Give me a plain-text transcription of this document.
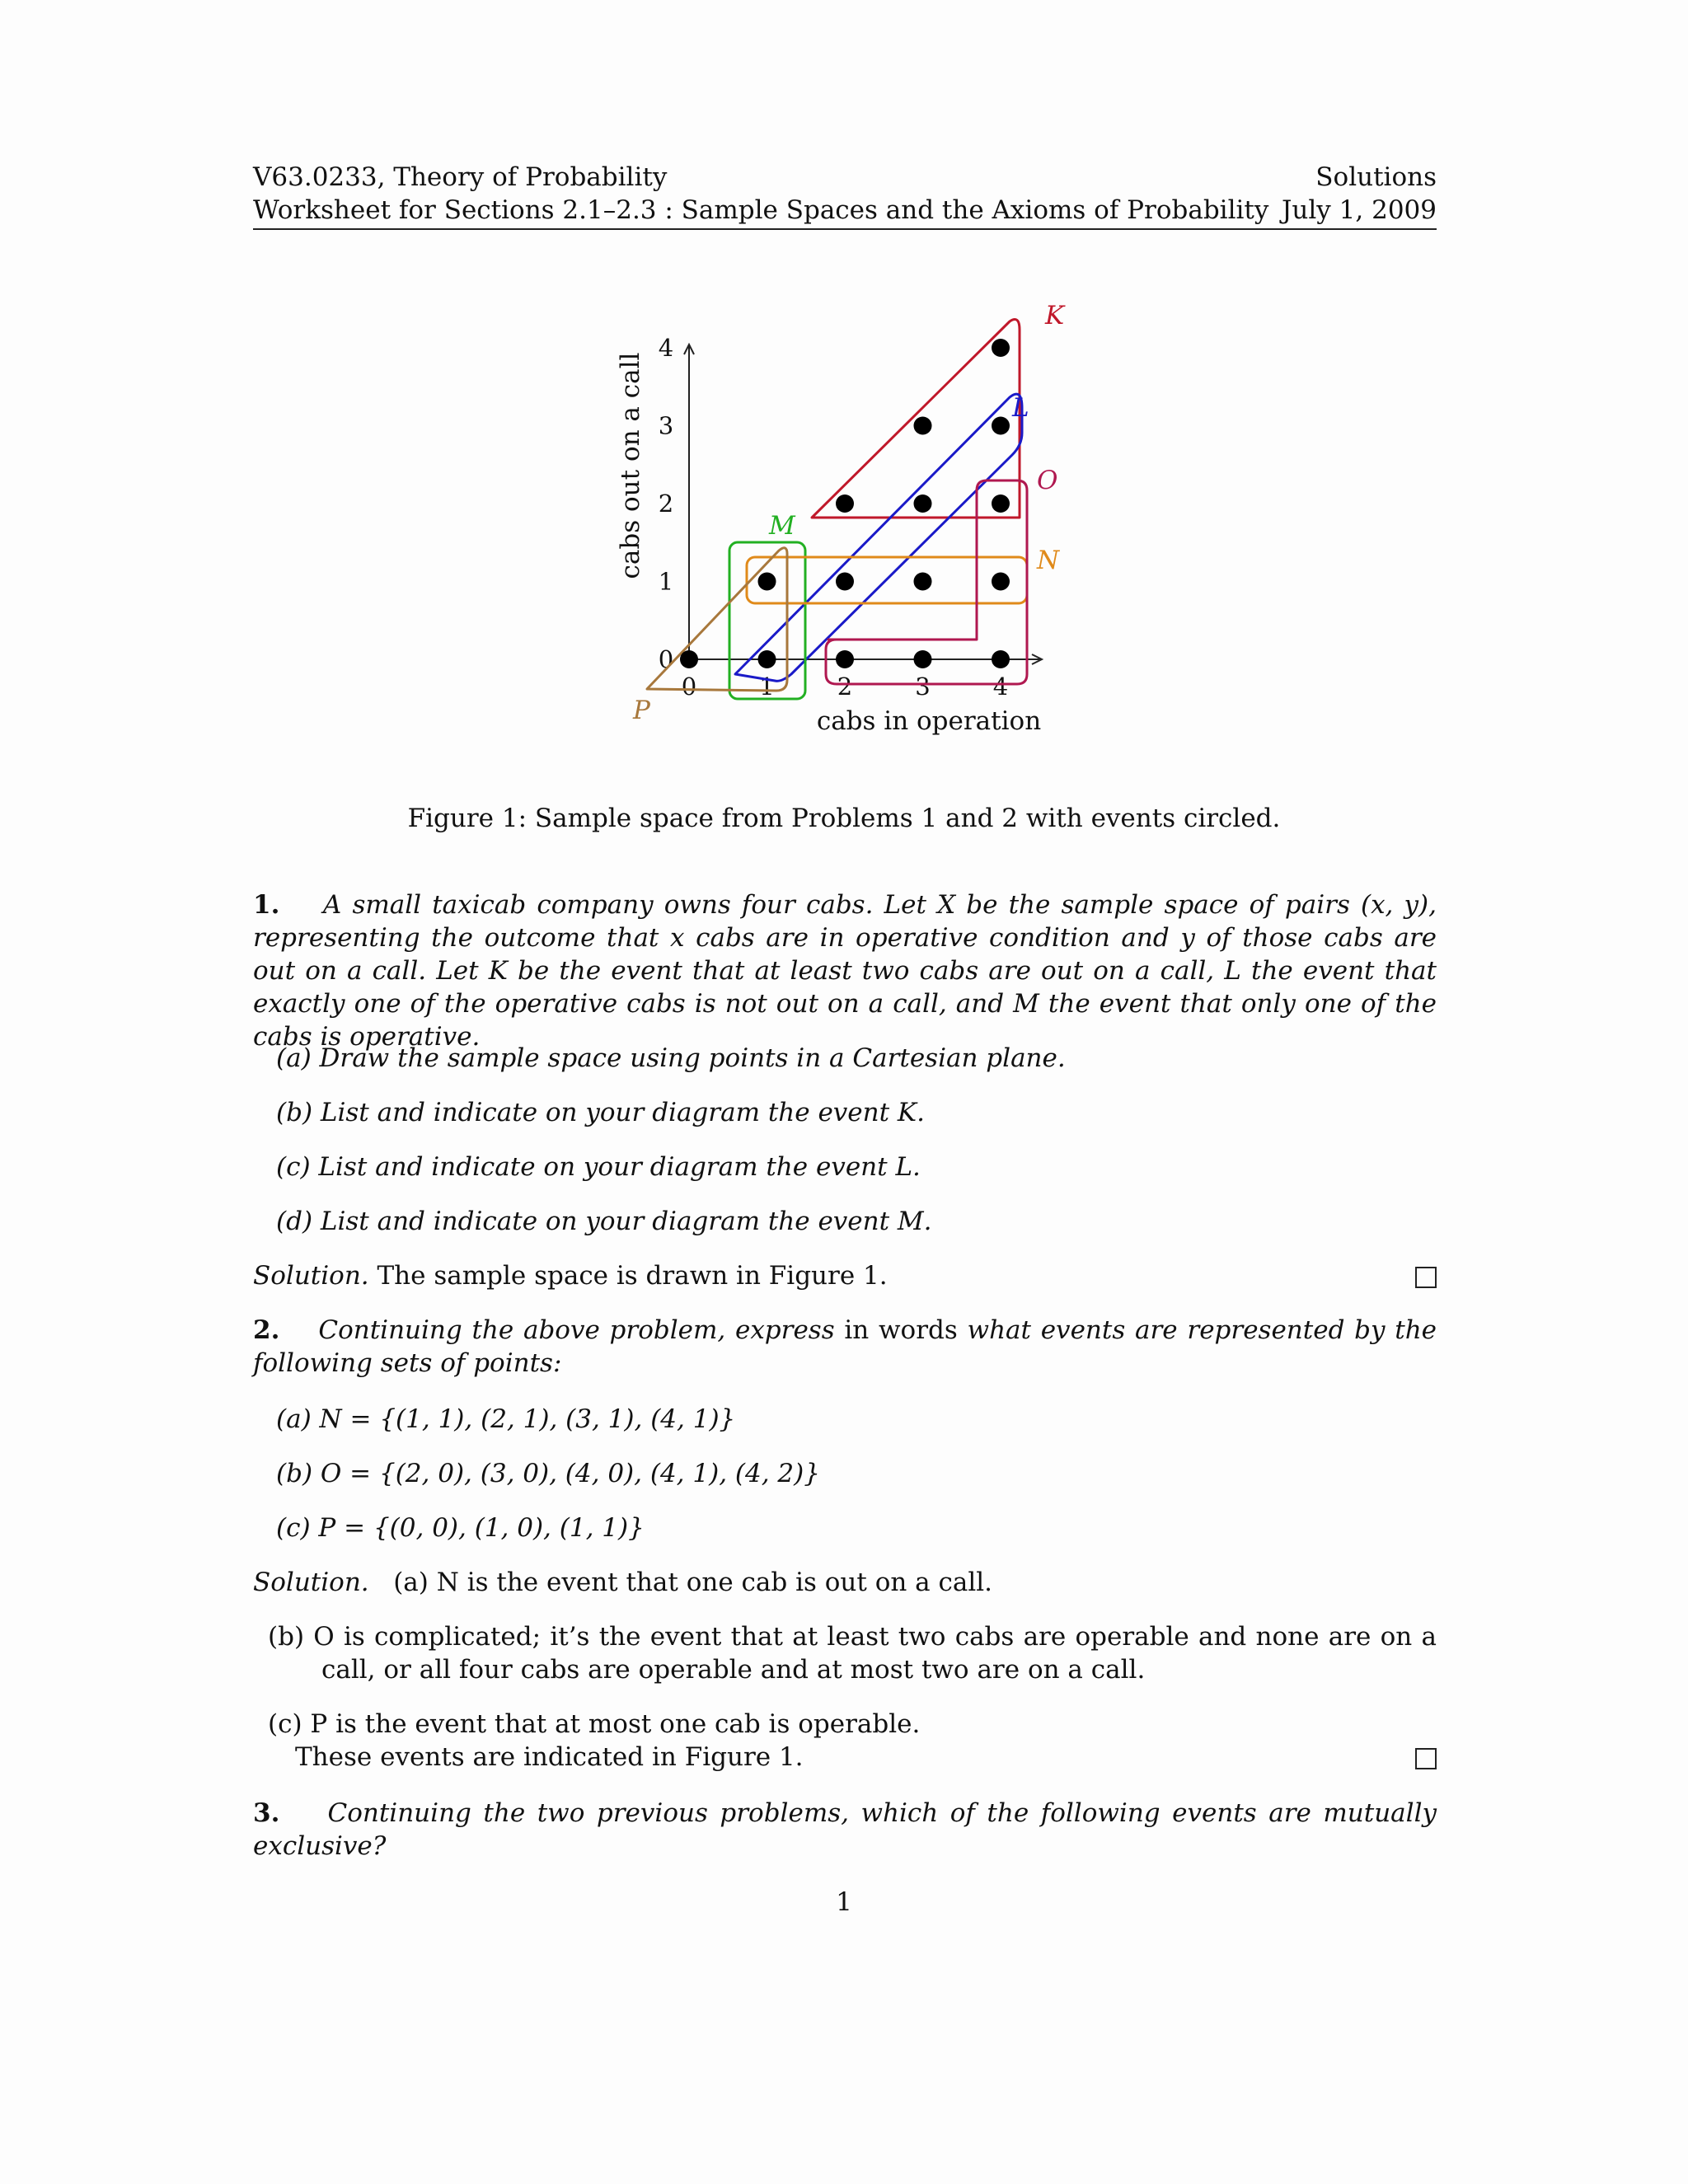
V63.0233, Theory of Probability
Worksheet for Sections 2.1–2.3 : Sample Spaces and the Axioms of Probability
Solutions
July 1, 2009
0	1	2	3	4
0
1
2
3
4
cabs in operation
cabs out on a call
K
L
M
N
O
P
Figure 1: Sample space from Problems 1 and 2 with events circled.
1. A small taxicab company owns four cabs. Let X be the sample space of pairs (x, y), representing the outcome that x cabs are in operative condition and y of those cabs are out on a call. Let K be the event that at least two cabs are out on a call, L the event that exactly one of the operative cabs is not out on a call, and M the event that only one of the cabs is operative.
(a) Draw the sample space using points in a Cartesian plane.
(b) List and indicate on your diagram the event K.
(c) List and indicate on your diagram the event L.
(d) List and indicate on your diagram the event M.
Solution. The sample space is drawn in Figure 1.
2. Continuing the above problem, express in words what events are represented by the following sets of points:
(a) N = {(1, 1), (2, 1), (3, 1), (4, 1)}
(b) O = {(2, 0), (3, 0), (4, 0), (4, 1), (4, 2)}
(c) P = {(0, 0), (1, 0), (1, 1)}
Solution. (a) N is the event that one cab is out on a call.
(b) O is complicated; it’s the event that at least two cabs are operable and none are on a call, or all four cabs are operable and at most two are on a call.
(c) P is the event that at most one cab is operable.
These events are indicated in Figure 1.
3. Continuing the two previous problems, which of the following events are mutually exclusive?
1
